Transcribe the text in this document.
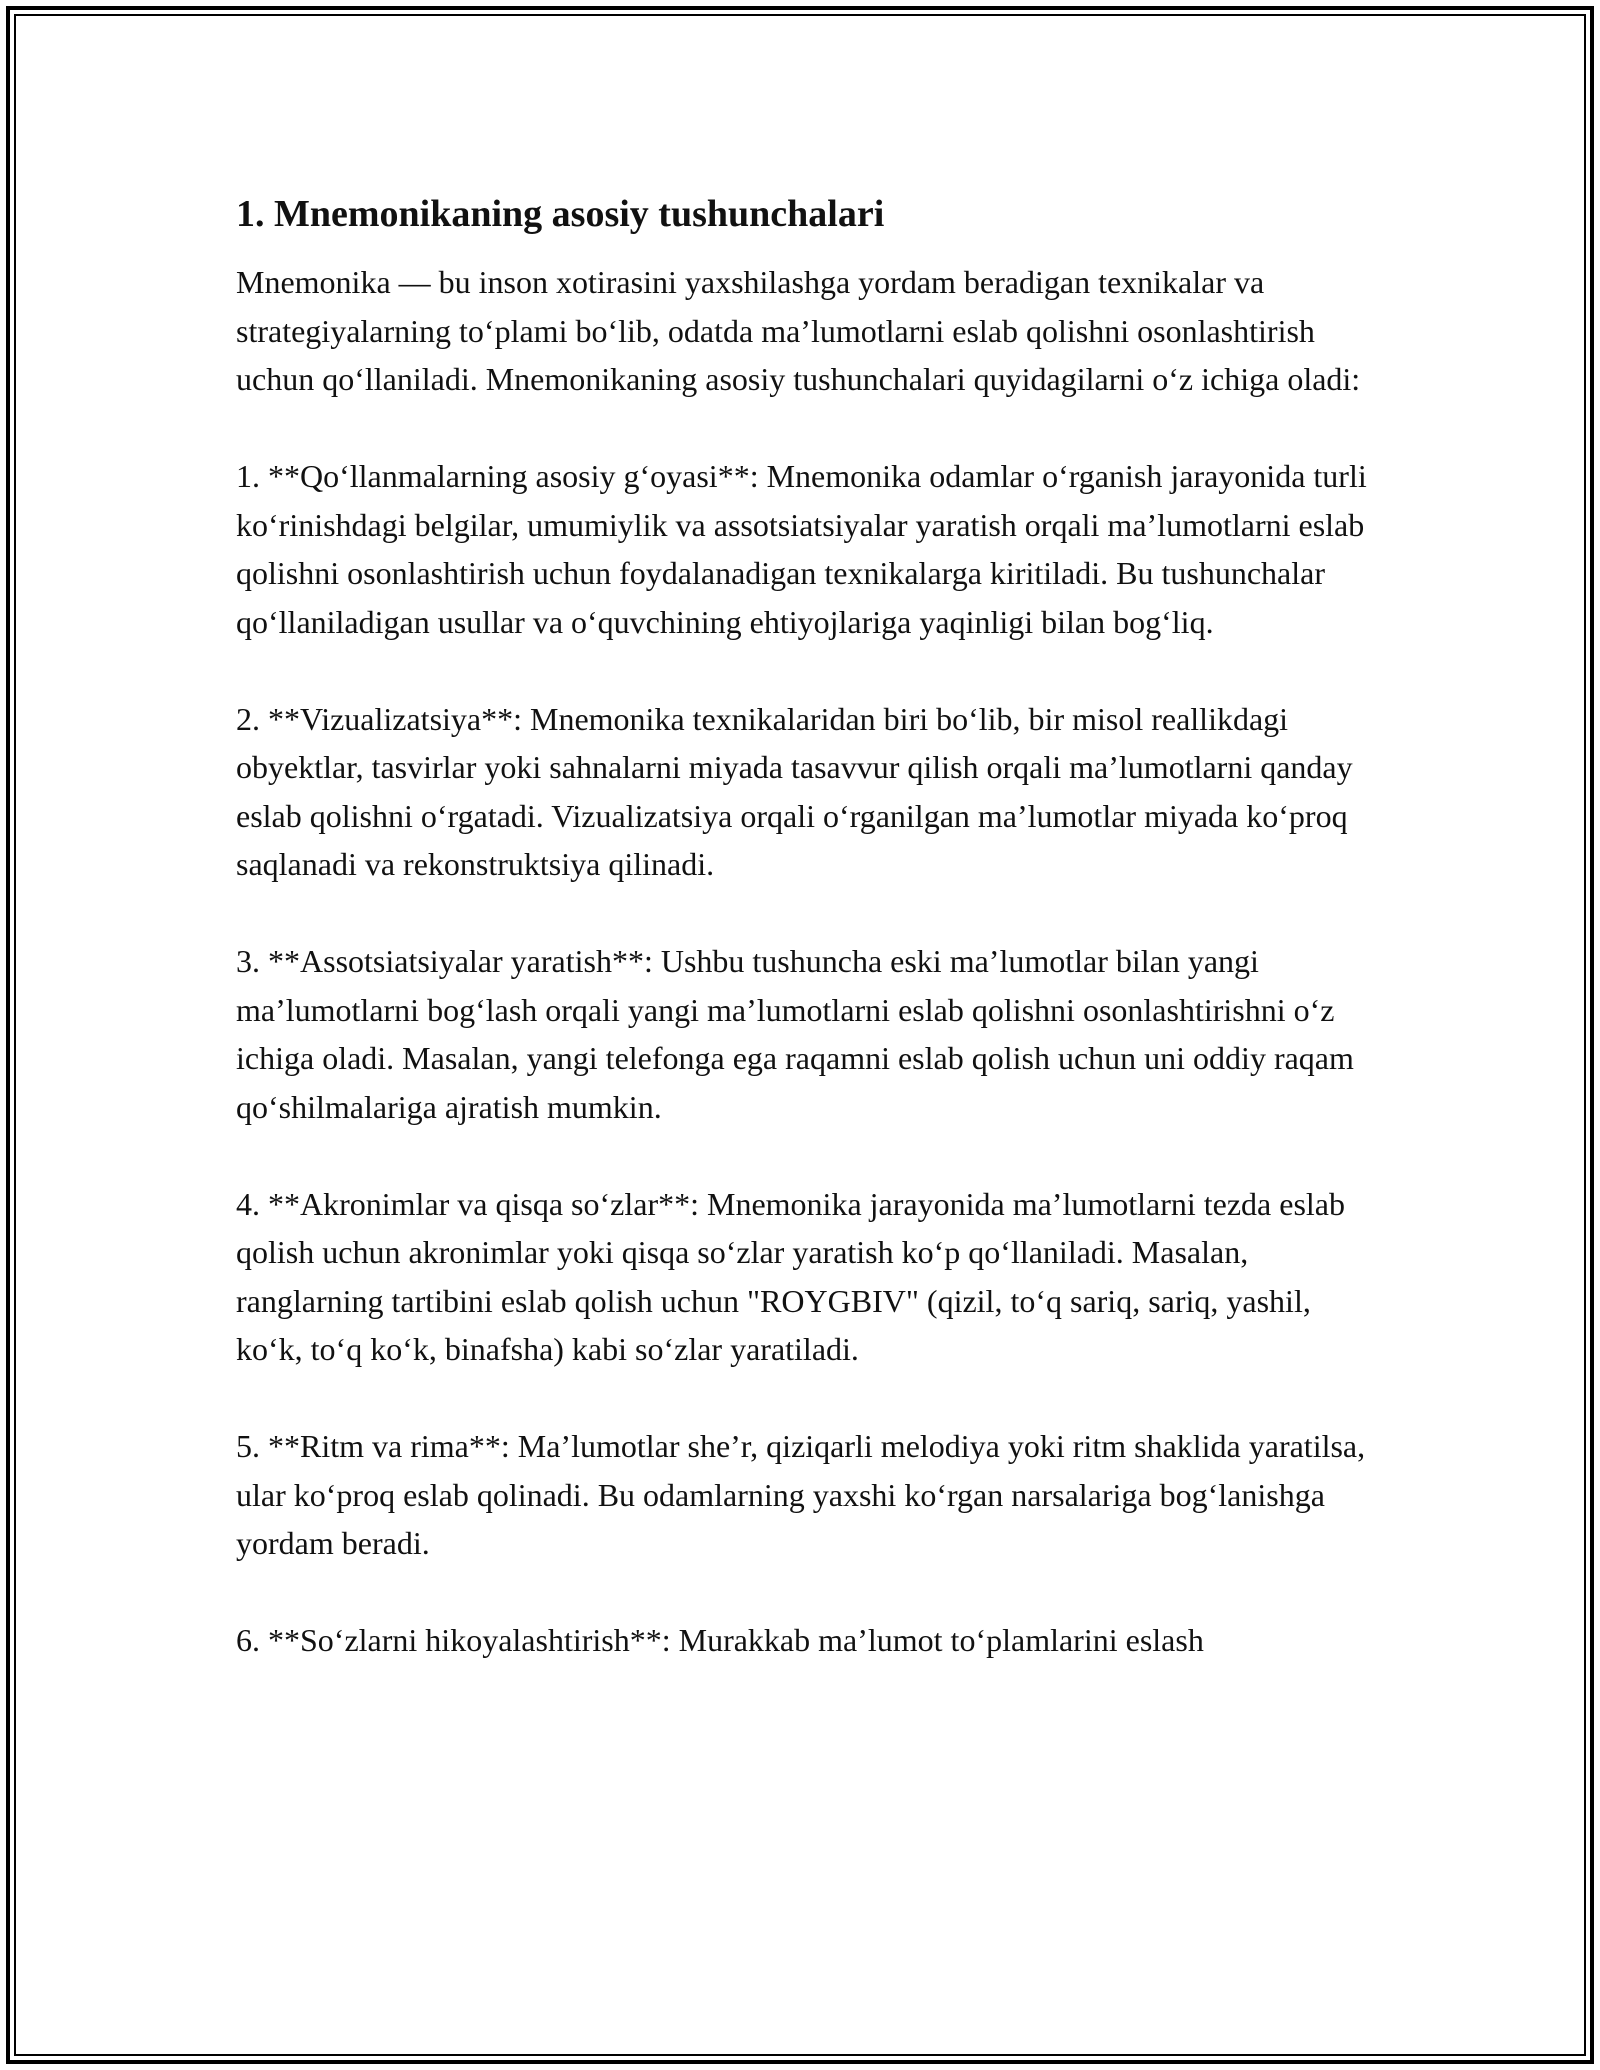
1. Mnemonikaning asosiy tushunchalari

Mnemonika — bu inson xotirasini yaxshilashga yordam beradigan texnikalar va strategiyalarning to‘plami bo‘lib, odatda ma’lumotlarni eslab qolishni osonlashtirish uchun qo‘llaniladi. Mnemonikaning asosiy tushunchalari quyidagilarni o‘z ichiga oladi:

1. **Qo‘llanmalarning asosiy g‘oyasi**: Mnemonika odamlar o‘rganish jarayonida turli ko‘rinishdagi belgilar, umumiylik va assotsiatsiyalar yaratish orqali ma’lumotlarni eslab qolishni osonlashtirish uchun foydalanadigan texnikalarga kiritiladi. Bu tushunchalar qo‘llaniladigan usullar va o‘quvchining ehtiyojlariga yaqinligi bilan bog‘liq.

2. **Vizualizatsiya**: Mnemonika texnikalaridan biri bo‘lib, bir misol reallikdagi obyektlar, tasvirlar yoki sahnalarni miyada tasavvur qilish orqali ma’lumotlarni qanday eslab qolishni o‘rgatadi. Vizualizatsiya orqali o‘rganilgan ma’lumotlar miyada ko‘proq saqlanadi va rekonstruktsiya qilinadi.

3. **Assotsiatsiyalar yaratish**: Ushbu tushuncha eski ma’lumotlar bilan yangi ma’lumotlarni bog‘lash orqali yangi ma’lumotlarni eslab qolishni osonlashtirishni o‘z ichiga oladi. Masalan, yangi telefonga ega raqamni eslab qolish uchun uni oddiy raqam qo‘shilmalariga ajratish mumkin.

4. **Akronimlar va qisqa so‘zlar**: Mnemonika jarayonida ma’lumotlarni tezda eslab qolish uchun akronimlar yoki qisqa so‘zlar yaratish ko‘p qo‘llaniladi. Masalan, ranglarning tartibini eslab qolish uchun "ROYGBIV" (qizil, to‘q sariq, sariq, yashil, ko‘k, to‘q ko‘k, binafsha) kabi so‘zlar yaratiladi.

5. **Ritm va rima**: Ma’lumotlar she’r, qiziqarli melodiya yoki ritm shaklida yaratilsa, ular ko‘proq eslab qolinadi. Bu odamlarning yaxshi ko‘rgan narsalariga bog‘lanishga yordam beradi.

6. **So‘zlarni hikoyalashtirish**: Murakkab ma’lumot to‘plamlarini eslash
